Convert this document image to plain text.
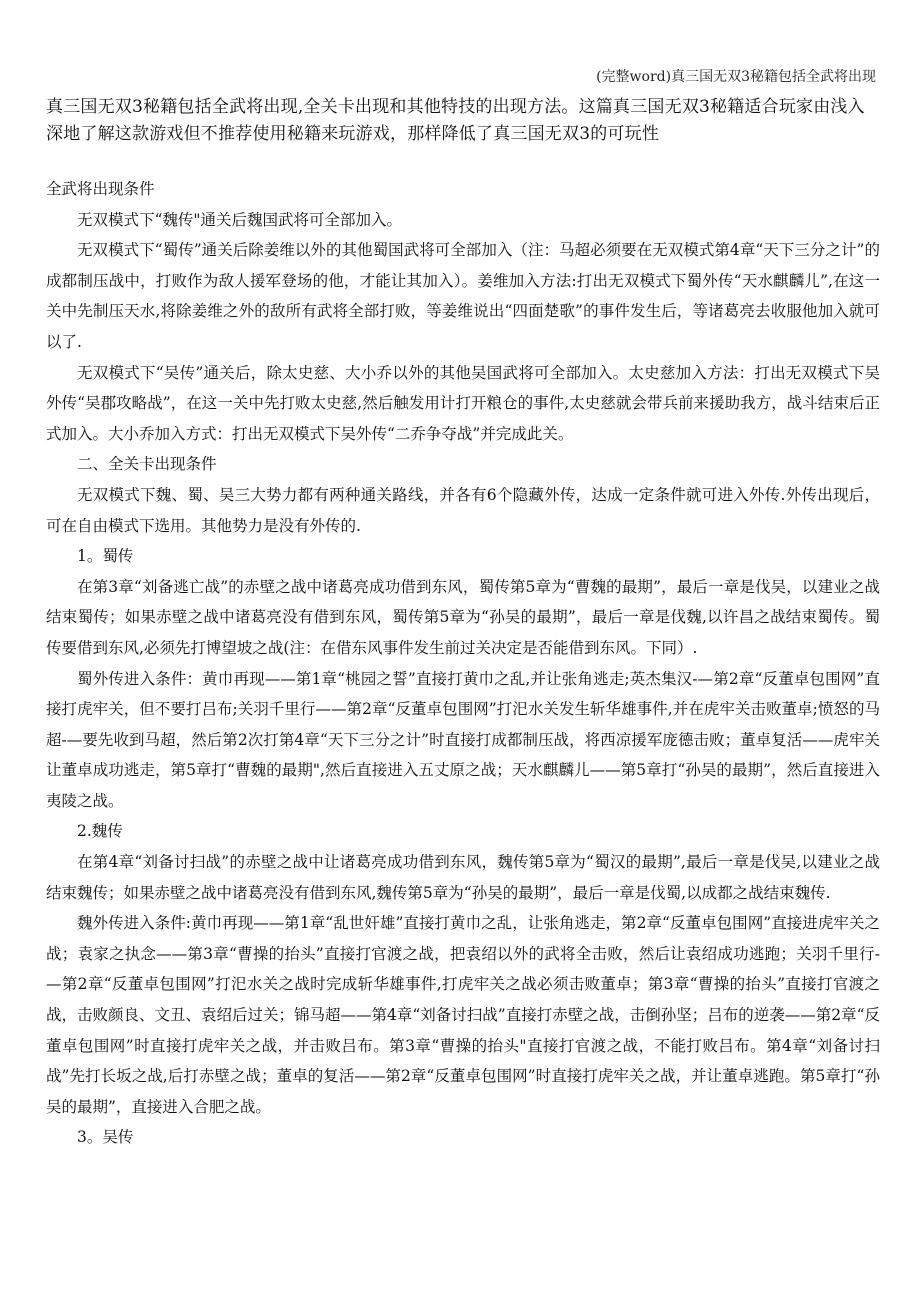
(完整word)真三国无双3秘籍包括全武将出现
真三国无双3秘籍包括全武将出现,全关卡出现和其他特技的出现方法。这篇真三国无双3秘籍适合玩家由浅入深地了解这款游戏但不推荐使用秘籍来玩游戏，那样降低了真三国无双3的可玩性

全武将出现条件

无双模式下“魏传"通关后魏国武将可全部加入。

无双模式下“蜀传”通关后除姜维以外的其他蜀国武将可全部加入（注：马超必须要在无双模式第4章“天下三分之计”的成都制压战中，打败作为敌人援军登场的他，才能让其加入）。姜维加入方法:打出无双模式下蜀外传“天水麒麟儿”,在这一关中先制压天水,将除姜维之外的敌所有武将全部打败，等姜维说出“四面楚歌”的事件发生后，等诸葛亮去收服他加入就可以了.

无双模式下“吴传”通关后，除太史慈、大小乔以外的其他吴国武将可全部加入。太史慈加入方法：打出无双模式下吴外传“吴郡攻略战”，在这一关中先打败太史慈,然后触发用计打开粮仓的事件,太史慈就会带兵前来援助我方，战斗结束后正式加入。大小乔加入方式：打出无双模式下吴外传“二乔争夺战”并完成此关。

二、全关卡出现条件

无双模式下魏、蜀、吴三大势力都有两种通关路线，并各有6个隐藏外传，达成一定条件就可进入外传.外传出现后，可在自由模式下选用。其他势力是没有外传的.

1。蜀传

在第3章“刘备逃亡战”的赤壁之战中诸葛亮成功借到东风，蜀传第5章为“曹魏的最期”，最后一章是伐吴，以建业之战结束蜀传；如果赤壁之战中诸葛亮没有借到东风，蜀传第5章为“孙吴的最期”，最后一章是伐魏,以许昌之战结束蜀传。蜀传要借到东风,必须先打博望坡之战(注：在借东风事件发生前过关决定是否能借到东风。下同）.

蜀外传进入条件：黄巾再现——第1章“桃园之誓”直接打黄巾之乱,并让张角逃走;英杰集汉-—第2章“反董卓包围网”直接打虎牢关，但不要打吕布;关羽千里行——第2章“反董卓包围网”打汜水关发生斩华雄事件,并在虎牢关击败董卓;愤怒的马超-—要先收到马超，然后第2次打第4章“天下三分之计”时直接打成都制压战，将西凉援军庞德击败；董卓复活——虎牢关让董卓成功逃走，第5章打“曹魏的最期",然后直接进入五丈原之战；天水麒麟儿——第5章打“孙吴的最期”，然后直接进入夷陵之战。

2.魏传

在第4章“刘备讨扫战”的赤壁之战中让诸葛亮成功借到东风，魏传第5章为“蜀汉的最期”,最后一章是伐吴,以建业之战结束魏传；如果赤壁之战中诸葛亮没有借到东风,魏传第5章为“孙吴的最期”，最后一章是伐蜀,以成都之战结束魏传.

魏外传进入条件:黄巾再现——第1章“乱世奸雄”直接打黄巾之乱，让张角逃走，第2章“反董卓包围网”直接进虎牢关之战；袁家之执念——第3章“曹操的抬头”直接打官渡之战，把袁绍以外的武将全击败，然后让袁绍成功逃跑；关羽千里行-—第2章“反董卓包围网”打汜水关之战时完成斩华雄事件,打虎牢关之战必须击败董卓；第3章“曹操的抬头”直接打官渡之战，击败颜良、文丑、袁绍后过关；锦马超——第4章“刘备讨扫战”直接打赤壁之战，击倒孙坚；吕布的逆袭——第2章“反董卓包围网”时直接打虎牢关之战，并击败吕布。第3章“曹操的抬头"直接打官渡之战，不能打败吕布。第4章“刘备讨扫战”先打长坂之战,后打赤壁之战；董卓的复活——第2章“反董卓包围网”时直接打虎牢关之战，并让董卓逃跑。第5章打“孙吴的最期”，直接进入合肥之战。

3。吴传
